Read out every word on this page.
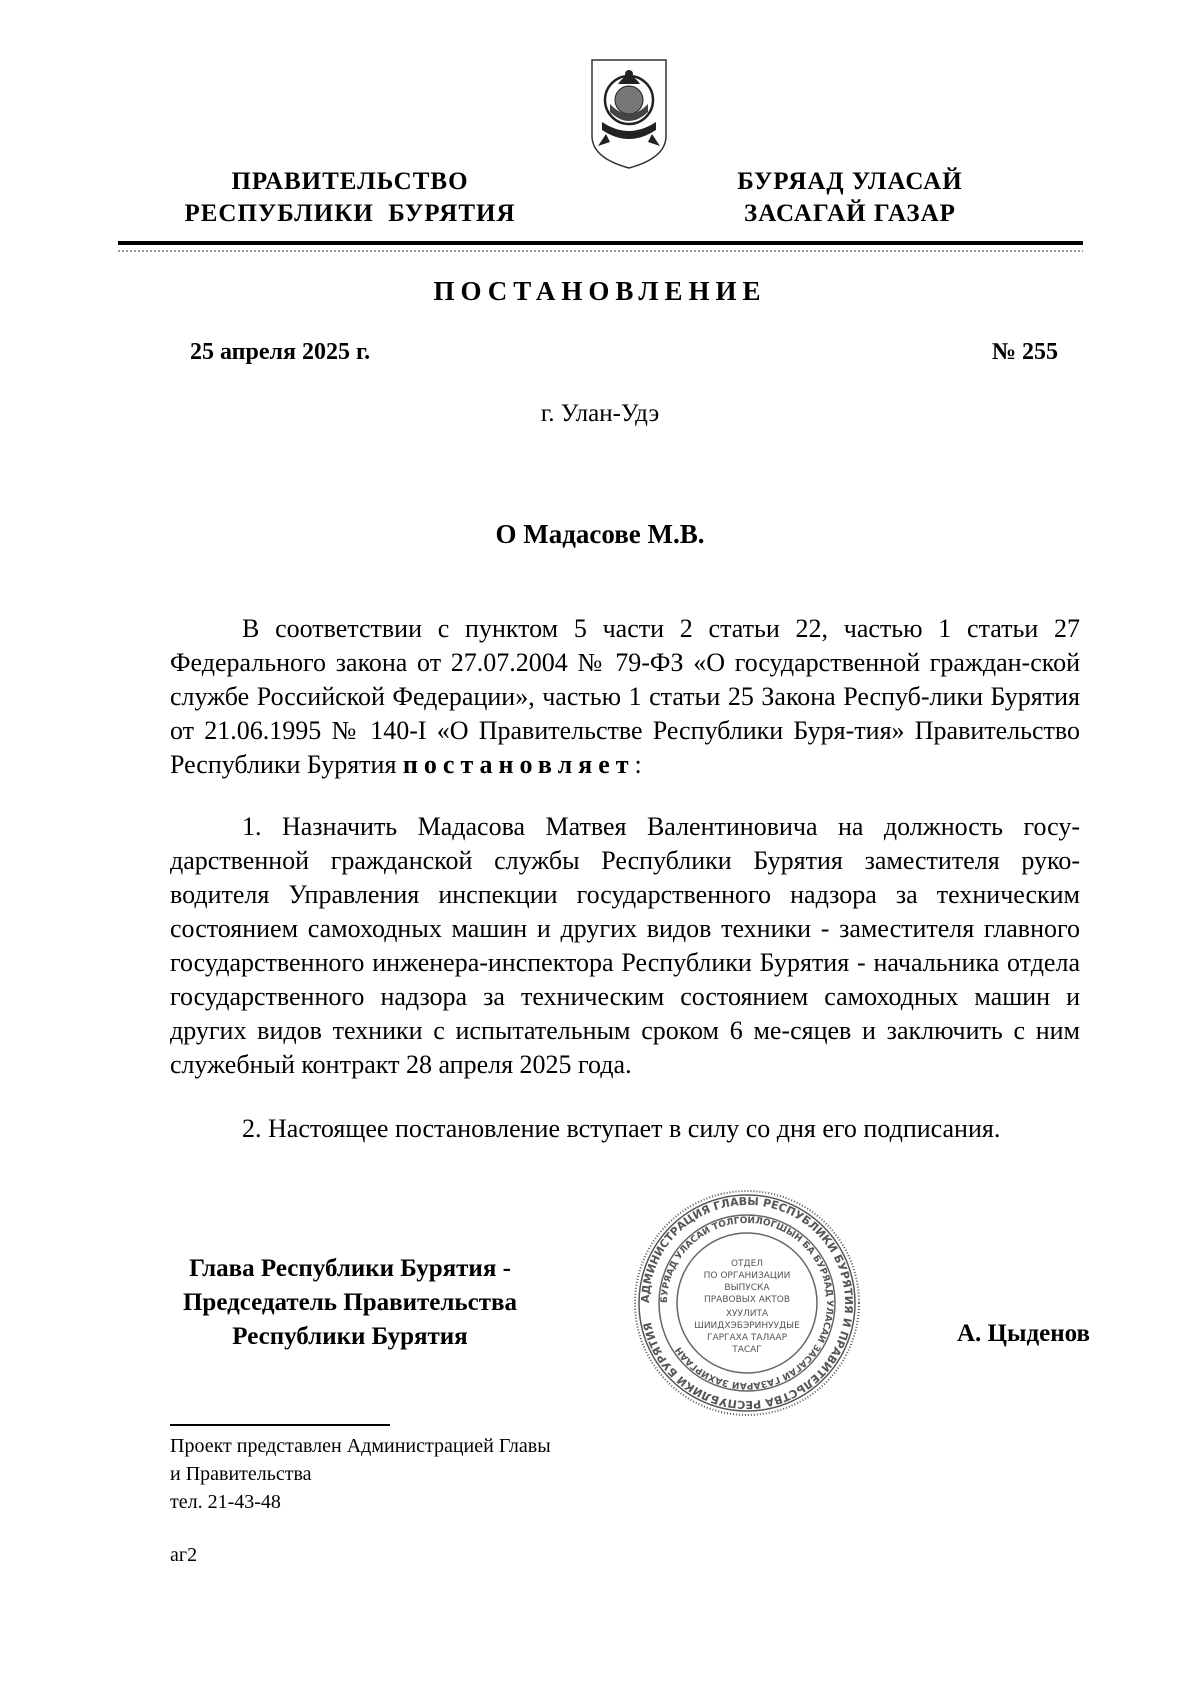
ПРАВИТЕЛЬСТВО
РЕСПУБЛИКИ  БУРЯТИЯ
БУРЯАД УЛАСАЙ
ЗАСАГАЙ ГАЗАР
ПОСТАНОВЛЕНИЕ
25 апреля 2025 г.	№ 255
г. Улан-Удэ
О Мадасове М.В.
В соответствии с пунктом 5 части 2 статьи 22, частью 1 статьи 27 Федерального закона от 27.07.2004 № 79-ФЗ «О государственной граждан-ской службе Российской Федерации», частью 1 статьи 25 Закона Респуб-лики Бурятия от 21.06.1995 № 140-I «О Правительстве Республики Буря-тия» Правительство Республики Бурятия постановляет:
1. Назначить Мадасова Матвея Валентиновича на должность госу-дарственной гражданской службы Республики Бурятия заместителя руко-водителя Управления инспекции государственного надзора за техническим состоянием самоходных машин и других видов техники - заместителя главного государственного инженера-инспектора Республики Бурятия - начальника отдела государственного надзора за техническим состоянием самоходных машин и других видов техники с испытательным сроком 6 ме-сяцев и заключить с ним служебный контракт 28 апреля 2025 года.
2. Настоящее постановление вступает в силу со дня его подписания.
Глава Республики Бурятия -
Председатель Правительства
Республики Бурятия
АДМИНИСТРАЦИЯ ГЛАВЫ РЕСПУБЛИКИ БУРЯТИЯ И ПРАВИТЕЛЬСТВА РЕСПУБЛИКИ БУРЯТИЯ
БУРЯАД УЛАСАЙ ТОЛГОЙЛОГШЫН БА БУРЯАД УЛАСАЙ ЗАСАГАЙ ГАЗАРАЙ ЗАХИРГААН
ОТДЕЛ
ПО ОРГАНИЗАЦИИ
ВЫПУСКА
ПРАВОВЫХ АКТОВ
ХУУЛИТА
ШИИДХЭБЭРИНУУДЫЕ
ГАРГАХА ТАЛААР
ТАСАГ
А. Цыденов
Проект представлен Администрацией Главы
и Правительства
тел. 21-43-48
аг2
